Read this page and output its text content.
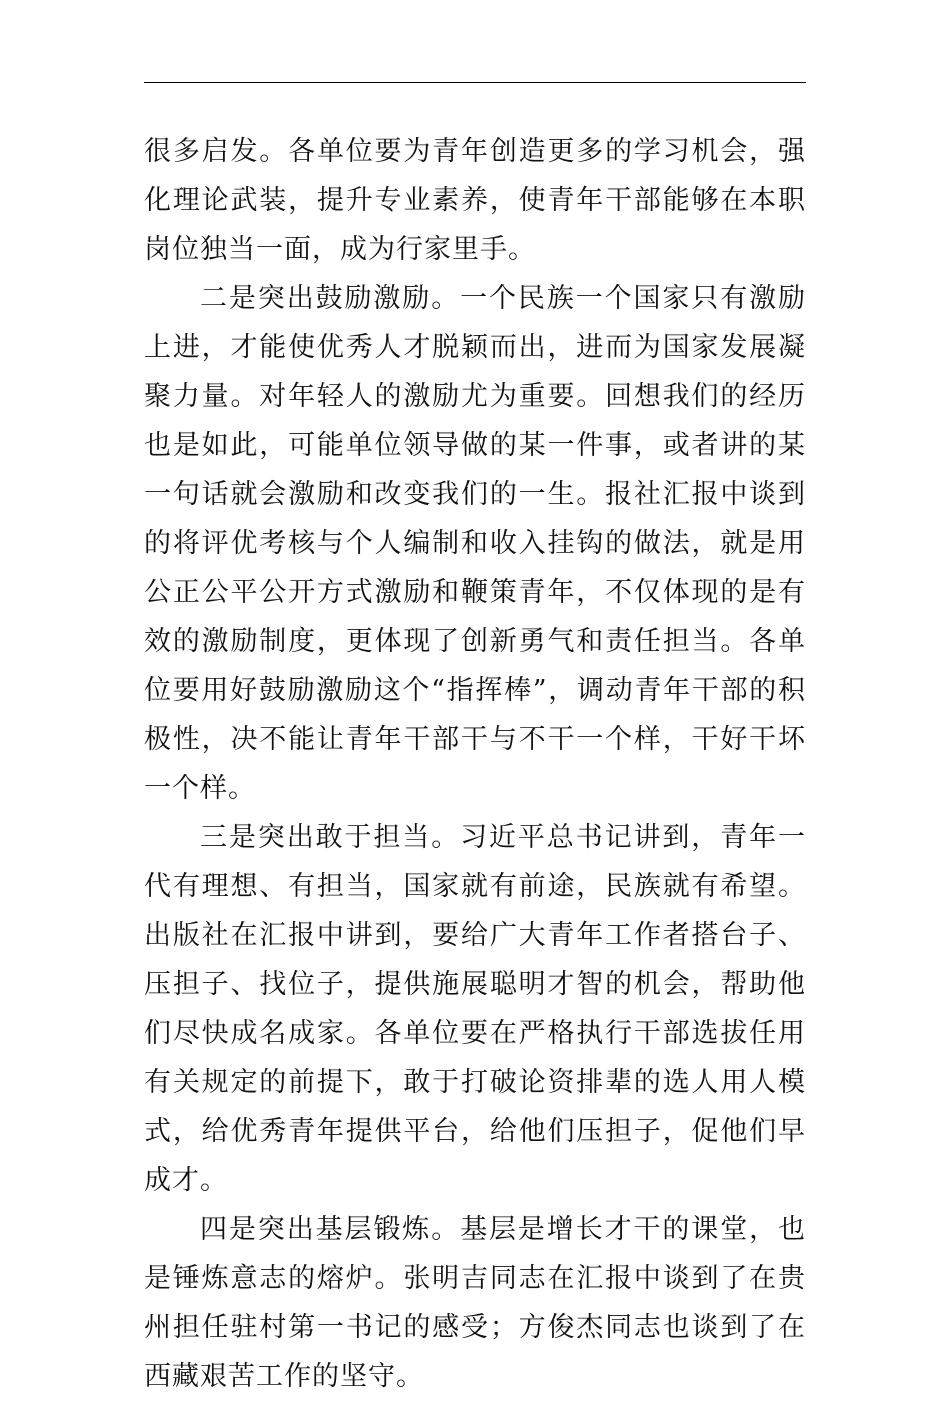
很多启发。各单位要为青年创造更多的学习机会，强化理论武装，提升专业素养，使青年干部能够在本职岗位独当一面，成为行家里手。

二是突出鼓励激励。一个民族一个国家只有激励上进，才能使优秀人才脱颖而出，进而为国家发展凝聚力量。对年轻人的激励尤为重要。回想我们的经历也是如此，可能单位领导做的某一件事，或者讲的某一句话就会激励和改变我们的一生。报社汇报中谈到的将评优考核与个人编制和收入挂钩的做法，就是用公正公平公开方式激励和鞭策青年，不仅体现的是有效的激励制度，更体现了创新勇气和责任担当。各单位要用好鼓励激励这个“指挥棒”，调动青年干部的积极性，决不能让青年干部干与不干一个样，干好干坏一个样。

三是突出敢于担当。习近平总书记讲到，青年一代有理想、有担当，国家就有前途，民族就有希望。出版社在汇报中讲到，要给广大青年工作者搭台子、压担子、找位子，提供施展聪明才智的机会，帮助他们尽快成名成家。各单位要在严格执行干部选拔任用有关规定的前提下，敢于打破论资排辈的选人用人模式，给优秀青年提供平台，给他们压担子，促他们早成才。

四是突出基层锻炼。基层是增长才干的课堂，也是锤炼意志的熔炉。张明吉同志在汇报中谈到了在贵州担任驻村第一书记的感受；方俊杰同志也谈到了在西藏艰苦工作的坚守。
